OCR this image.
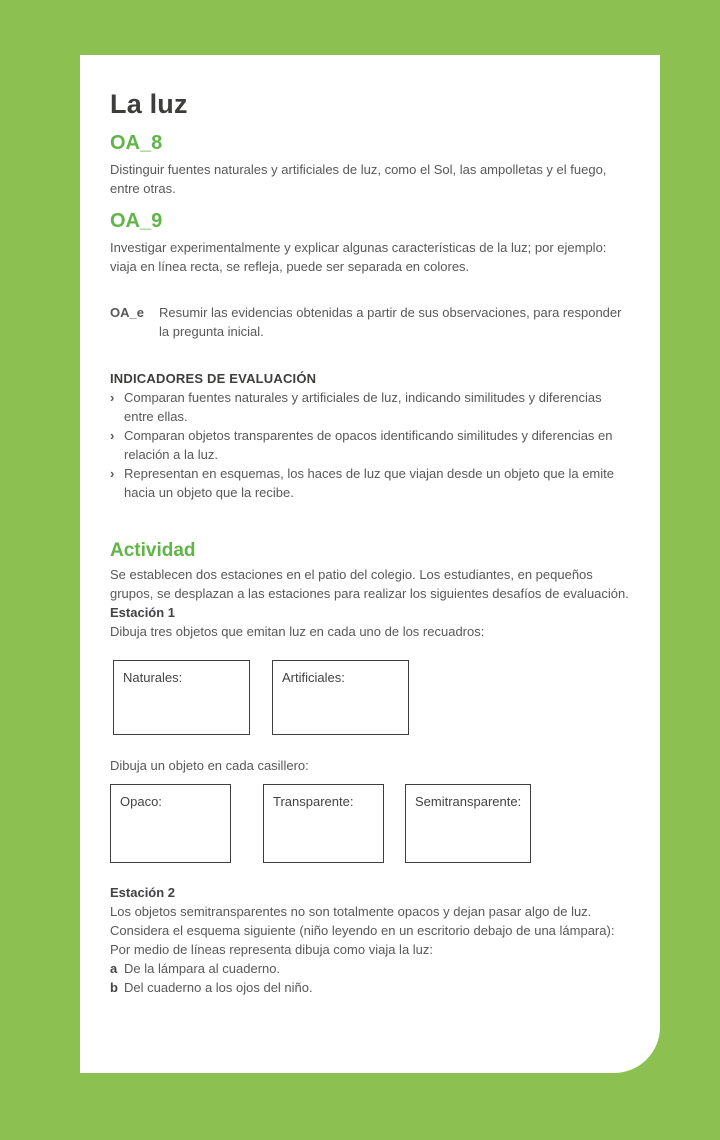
La luz
OA_8

Distinguir fuentes naturales y artificiales de luz, como el Sol, las ampolletas y el fuego, entre otras.

OA_9

Investigar experimentalmente y explicar algunas características de la luz; por ejemplo: viaja en línea recta, se refleja, puede ser separada en colores.

OA_e	Resumir las evidencias obtenidas a partir de sus observaciones, para responder la pregunta inicial.

INDICADORES DE EVALUACIÓN
› Comparan fuentes naturales y artificiales de luz, indicando similitudes y diferencias entre ellas.
› Comparan objetos transparentes de opacos identificando similitudes y diferencias en relación a la luz.
› Representan en esquemas, los haces de luz que viajan desde un objeto que la emite hacia un objeto que la recibe.
Actividad

Se establecen dos estaciones en el patio del colegio. Los estudiantes, en pequeños grupos, se desplazan a las estaciones para realizar los siguientes desafíos de evaluación.

Estación 1

Dibuja tres objetos que emitan luz en cada uno de los recuadros:

Naturales:	Artificiales:

Dibuja un objeto en cada casillero:

Opaco:	Transparente:	Semitransparente:
Estación 2

Los objetos semitransparentes no son totalmente opacos y dejan pasar algo de luz.

Considera el esquema siguiente (niño leyendo en un escritorio debajo de una lámpara):

Por medio de líneas representa dibuja como viaja la luz:

a De la lámpara al cuaderno.
b Del cuaderno a los ojos del niño.
